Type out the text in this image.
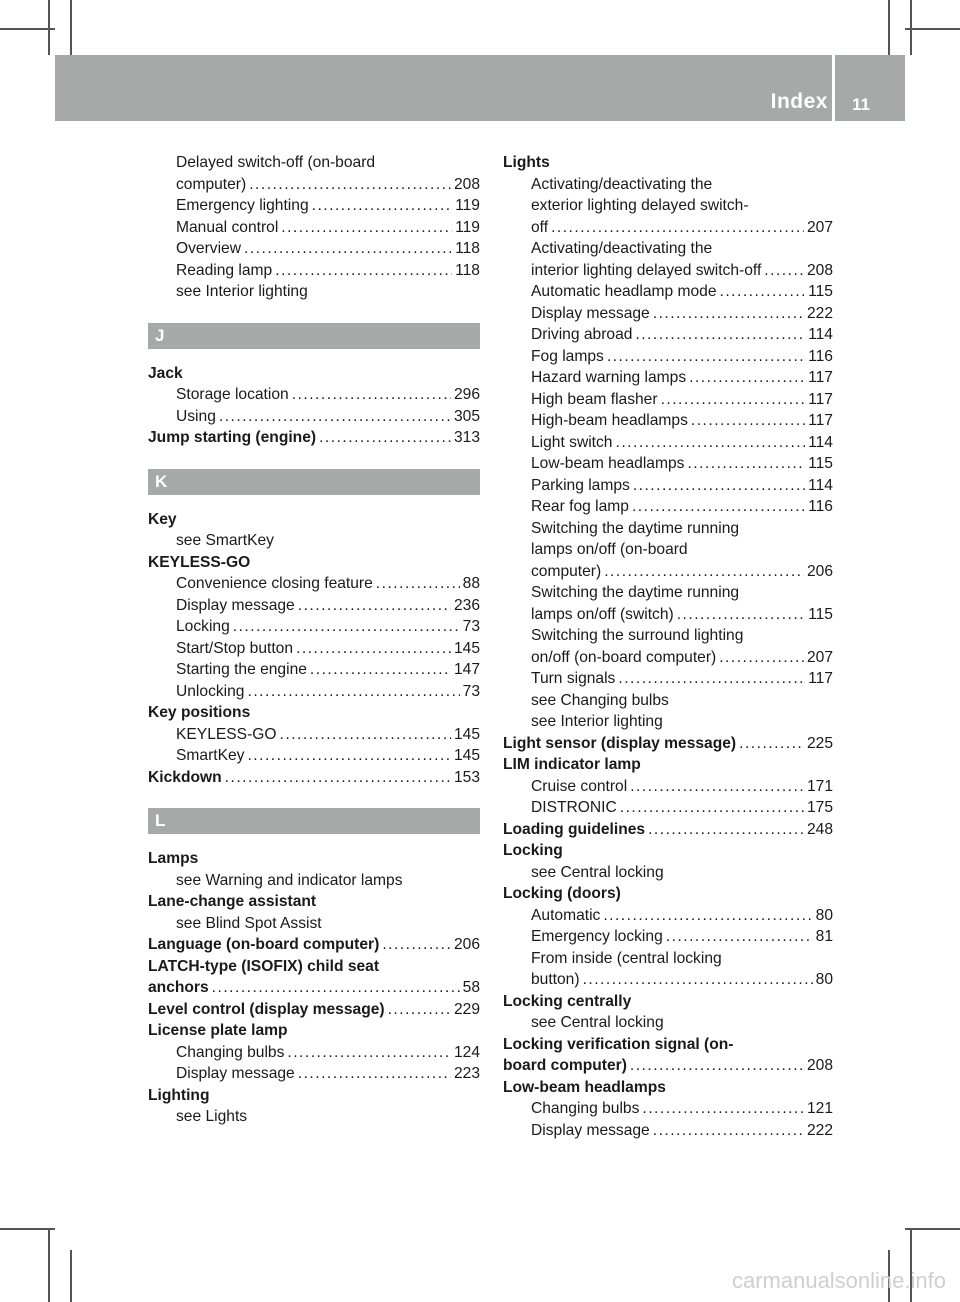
Index	11
Delayed switch-off (on-board
computer) .....	208
Emergency lighting .....	119
Manual control .....	119
Overview .....	118
Reading lamp .....	118
see Interior lighting
J
Jack
Storage location .....	296
Using .....	305
Jump starting (engine) .....	313
K
Key
see SmartKey
KEYLESS-GO
Convenience closing feature .....	88
Display message .....	236
Locking .....	73
Start/Stop button .....	145
Starting the engine .....	147
Unlocking .....	73
Key positions
KEYLESS-GO .....	145
SmartKey .....	145
Kickdown .....	153
L
Lamps
see Warning and indicator lamps
Lane-change assistant
see Blind Spot Assist
Language (on-board computer) .....	206
LATCH-type (ISOFIX) child seat
anchors .....	58
Level control (display message) .....	229
License plate lamp
Changing bulbs .....	124
Display message .....	223
Lighting
see Lights
Lights
Activating/deactivating the
exterior lighting delayed switch-
off .....	207
Activating/deactivating the
interior lighting delayed switch-off .....	208
Automatic headlamp mode .....	115
Display message .....	222
Driving abroad .....	114
Fog lamps .....	116
Hazard warning lamps .....	117
High beam flasher .....	117
High-beam headlamps .....	117
Light switch .....	114
Low-beam headlamps .....	115
Parking lamps .....	114
Rear fog lamp .....	116
Switching the daytime running
lamps on/off (on-board
computer) .....	206
Switching the daytime running
lamps on/off (switch) .....	115
Switching the surround lighting
on/off (on-board computer) .....	207
Turn signals .....	117
see Changing bulbs
see Interior lighting
Light sensor (display message) .....	225
LIM indicator lamp
Cruise control .....	171
DISTRONIC .....	175
Loading guidelines .....	248
Locking
see Central locking
Locking (doors)
Automatic .....	80
Emergency locking .....	81
From inside (central locking
button) .....	80
Locking centrally
see Central locking
Locking verification signal (on-
board computer) .....	208
Low-beam headlamps
Changing bulbs .....	121
Display message .....	222
carmanualsonline.info
